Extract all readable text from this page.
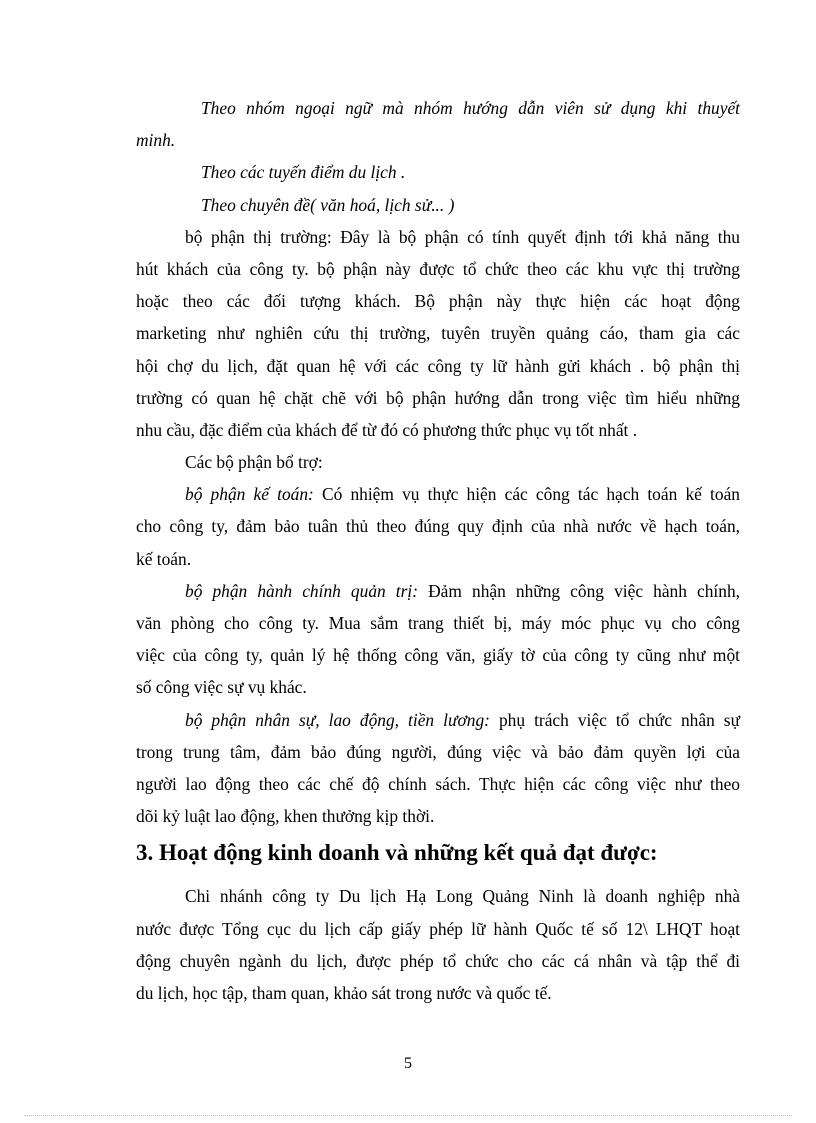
Theo nhóm ngoại ngữ mà nhóm hướng dẫn viên sử dụng khi thuyết
minh.
Theo các tuyến điểm du lịch .
Theo chuyên đề( văn hoá, lịch sử... )
bộ phận thị trường: Đây là bộ phận có tính quyết định tới khả năng thu
hút khách của công ty. bộ phận này được tổ chức theo các khu vực thị trường
hoặc theo các đối tượng khách. Bộ phận này thực hiện các hoạt động
marketing như nghiên cứu thị trường, tuyên truyền quảng cáo, tham gia các
hội chợ du lịch, đặt quan hệ với các công ty lữ hành gửi khách . bộ phận thị
trường có quan hệ chặt chẽ với bộ phận hướng dẫn trong việc tìm hiểu những
nhu cầu, đặc điểm của khách để từ đó có phương thức phục vụ tốt nhất .
Các bộ phận bổ trợ:
bộ phận kế toán: Có nhiệm vụ thực hiện các công tác hạch toán kế toán
cho công ty, đảm bảo tuân thủ theo đúng quy định của nhà nước về hạch toán,
kế toán.
bộ phận hành chính quản trị: Đảm nhận những công việc hành chính,
văn phòng cho công ty. Mua sắm trang thiết bị, máy móc phục vụ cho công
việc của công ty, quản lý hệ thống công văn, giấy tờ của công ty cũng như một
số công việc sự vụ khác.
bộ phận nhân sự, lao động, tiền lương: phụ trách việc tổ chức nhân sự
trong trung tâm, đảm bảo đúng người, đúng việc và bảo đảm quyền lợi của
người lao động theo các chế độ chính sách. Thực hiện các công việc như theo
dõi kỷ luật lao động, khen thưởng kịp thời.
3. Hoạt động kinh doanh và những kết quả đạt được:
Chi nhánh công ty Du lịch Hạ Long Quảng Ninh là doanh nghiệp nhà
nước được Tổng cục du lịch cấp giấy phép lữ hành Quốc tế số 12\ LHQT hoạt
động chuyên ngành du lịch, được phép tổ chức cho các cá nhân và tập thể đi
du lịch, học tập, tham quan, khảo sát trong nước và quốc tế.
5
